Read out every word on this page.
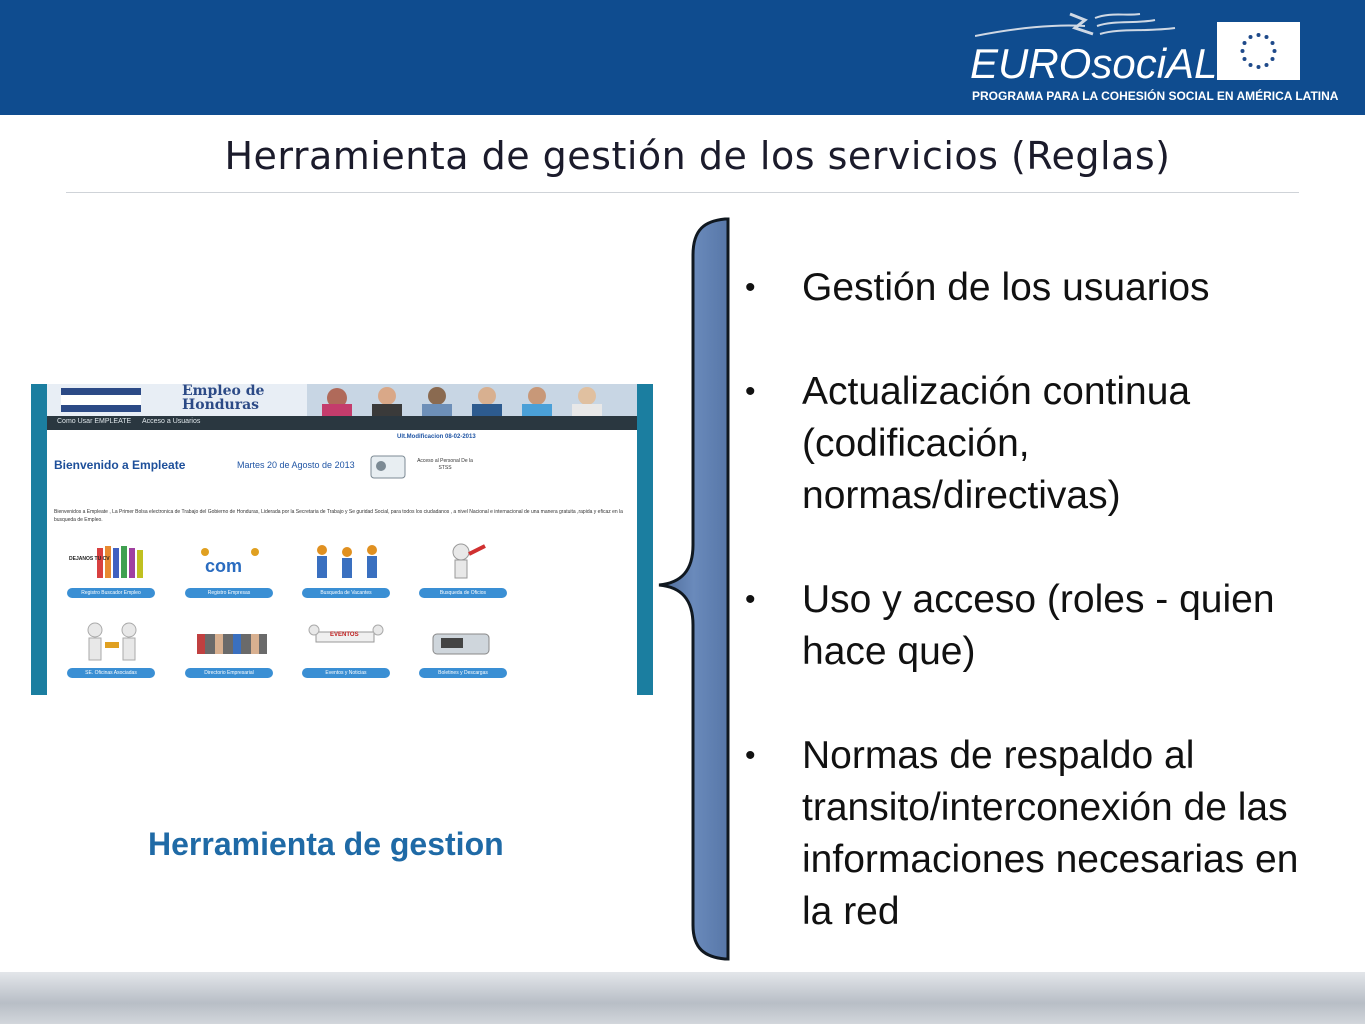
EUROsociAL
PROGRAMA PARA LA COHESIÓN SOCIAL EN AMÉRICA LATINA
Herramienta de gestión de los servicios (Reglas)
Empleo de
Honduras
Como Usar EMPLEATE Acceso a Usuarios
Ult.Modificacion 08-02-2013
Bienvenido a Empleate	Martes 20 de Agosto de 2013	Acceso al Personal De la STSS
Bienvenidos a Empleate , La Primer Bolsa electronica de Trabajo del Gobierno de Honduras, Liderada por la Secretaria de Trabajo y Se guridad Social, para todos los ciudadanos , a nivel Nacional e internacional de una manera gratuita ,rapida y eficaz en la busqueda de Empleo.
DEJANOS TU CV
Registro Buscador Empleo
com
Registro Empresas	Busqueda de Vacantes	Busqueda de Oficios
SE. Oficinas Asociadas	Directorio Empresarial
EVENTOS
Eventos y Noticias	Boletines y Descargas
Herramienta de gestion
• Gestión de los usuarios
• Actualización continua (codificación, normas/directivas)
• Uso y acceso (roles - quien hace que)
• Normas de respaldo al transito/interconexión de las informaciones necesarias en la red
